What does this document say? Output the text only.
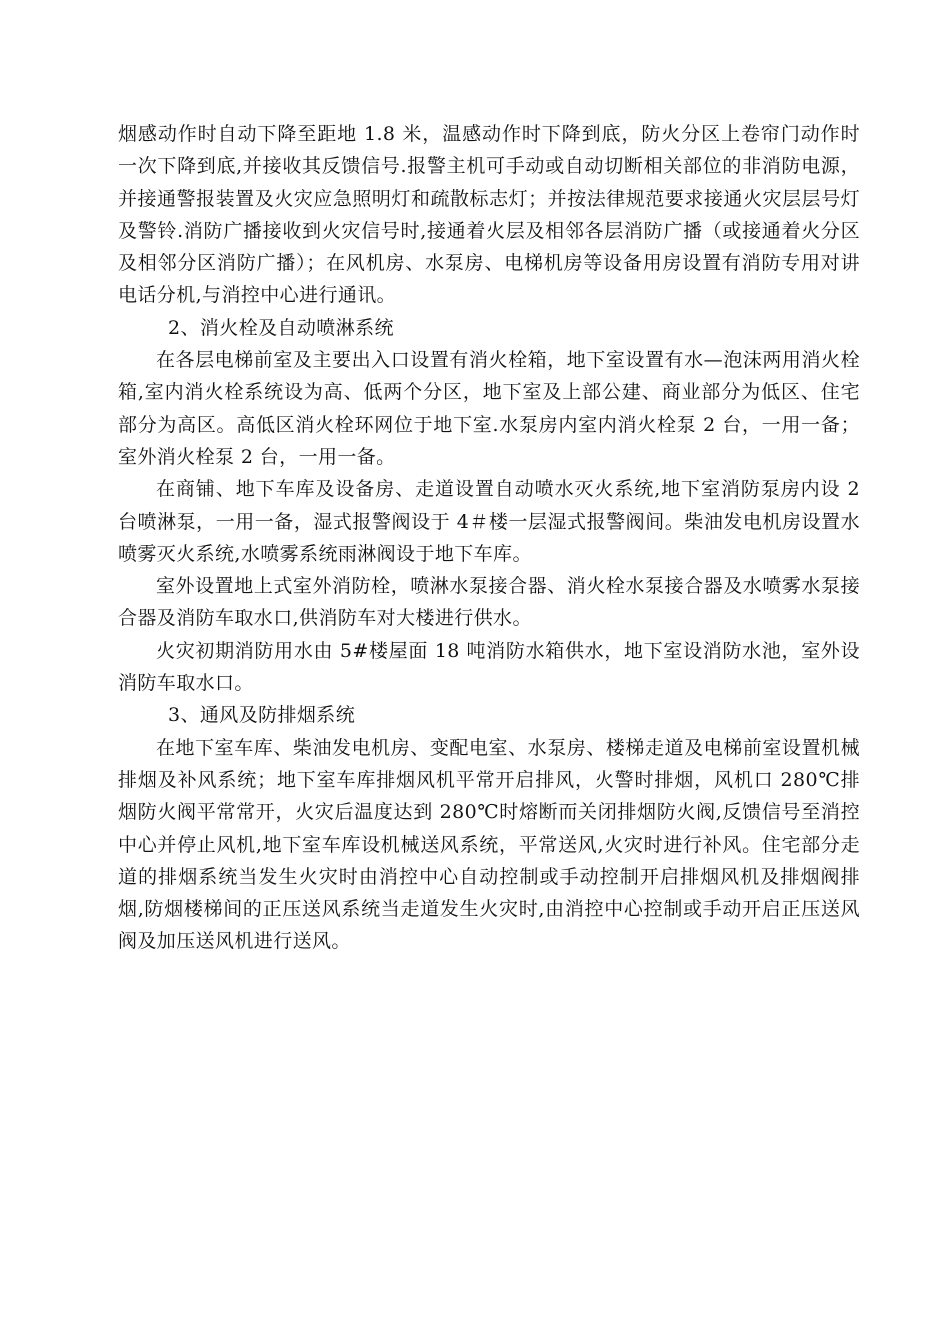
烟感动作时自动下降至距地 1.8 米，温感动作时下降到底，防火分区上卷帘门动作时一次下降到底,并接收其反馈信号.报警主机可手动或自动切断相关部位的非消防电源，并接通警报装置及火灾应急照明灯和疏散标志灯；并按法律规范要求接通火灾层层号灯及警铃.消防广播接收到火灾信号时,接通着火层及相邻各层消防广播（或接通着火分区及相邻分区消防广播）；在风机房、水泵房、电梯机房等设备用房设置有消防专用对讲电话分机,与消控中心进行通讯。

2、消火栓及自动喷淋系统

在各层电梯前室及主要出入口设置有消火栓箱，地下室设置有水—泡沫两用消火栓箱,室内消火栓系统设为高、低两个分区，地下室及上部公建、商业部分为低区、住宅部分为高区。高低区消火栓环网位于地下室.水泵房内室内消火栓泵 2 台，一用一备；室外消火栓泵 2 台，一用一备。

在商铺、地下车库及设备房、走道设置自动喷水灭火系统,地下室消防泵房内设 2 台喷淋泵，一用一备，湿式报警阀设于 4＃楼一层湿式报警阀间。柴油发电机房设置水喷雾灭火系统,水喷雾系统雨淋阀设于地下车库。

室外设置地上式室外消防栓，喷淋水泵接合器、消火栓水泵接合器及水喷雾水泵接合器及消防车取水口,供消防车对大楼进行供水。

火灾初期消防用水由 5#楼屋面 18 吨消防水箱供水，地下室设消防水池，室外设消防车取水口。

3、通风及防排烟系统

在地下室车库、柴油发电机房、变配电室、水泵房、楼梯走道及电梯前室设置机械排烟及补风系统；地下室车库排烟风机平常开启排风，火警时排烟，风机口 280℃排烟防火阀平常常开，火灾后温度达到 280℃时熔断而关闭排烟防火阀,反馈信号至消控中心并停止风机,地下室车库设机械送风系统，平常送风,火灾时进行补风。住宅部分走道的排烟系统当发生火灾时由消控中心自动控制或手动控制开启排烟风机及排烟阀排烟,防烟楼梯间的正压送风系统当走道发生火灾时,由消控中心控制或手动开启正压送风阀及加压送风机进行送风。
